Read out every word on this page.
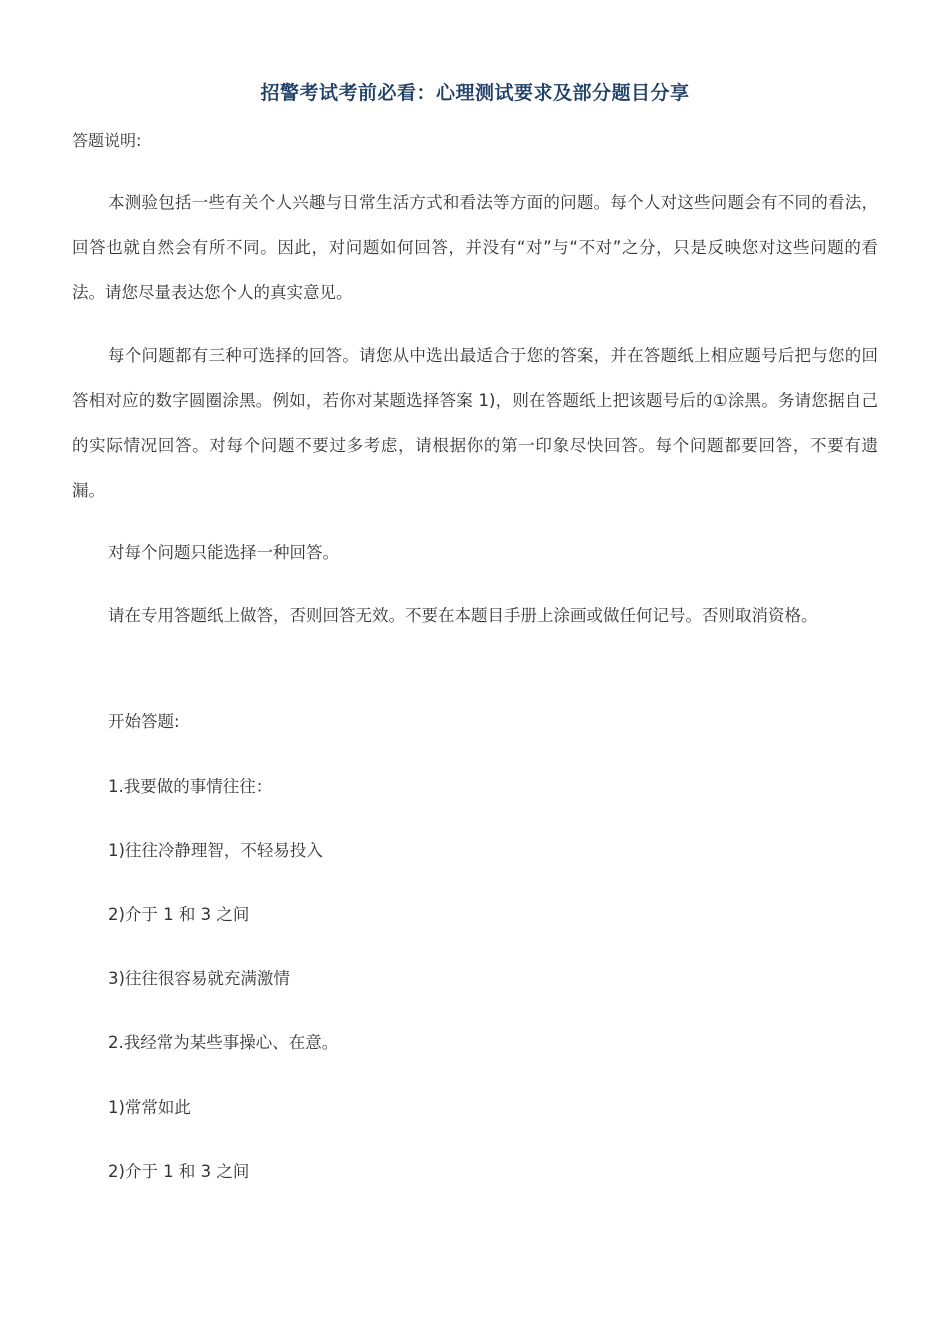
招警考试考前必看：心理测试要求及部分题目分享
答题说明:
本测验包括一些有关个人兴趣与日常生活方式和看法等方面的问题。每个人对这些问题会有不同的看法，回答也就自然会有所不同。因此，对问题如何回答，并没有“对”与“不对”之分，只是反映您对这些问题的看法。请您尽量表达您个人的真实意见。
每个问题都有三种可选择的回答。请您从中选出最适合于您的答案，并在答题纸上相应题号后把与您的回答相对应的数字圆圈涂黑。例如，若你对某题选择答案 1)，则在答题纸上把该题号后的①涂黑。务请您据自己的实际情况回答。对每个问题不要过多考虑，请根据你的第一印象尽快回答。每个问题都要回答，不要有遗漏。
对每个问题只能选择一种回答。
请在专用答题纸上做答，否则回答无效。不要在本题目手册上涂画或做任何记号。否则取消资格。
开始答题:
1.我要做的事情往往：
1)往往冷静理智，不轻易投入
2)介于 1 和 3 之间
3)往往很容易就充满激情
2.我经常为某些事操心、在意。
1)常常如此
2)介于 1 和 3 之间
